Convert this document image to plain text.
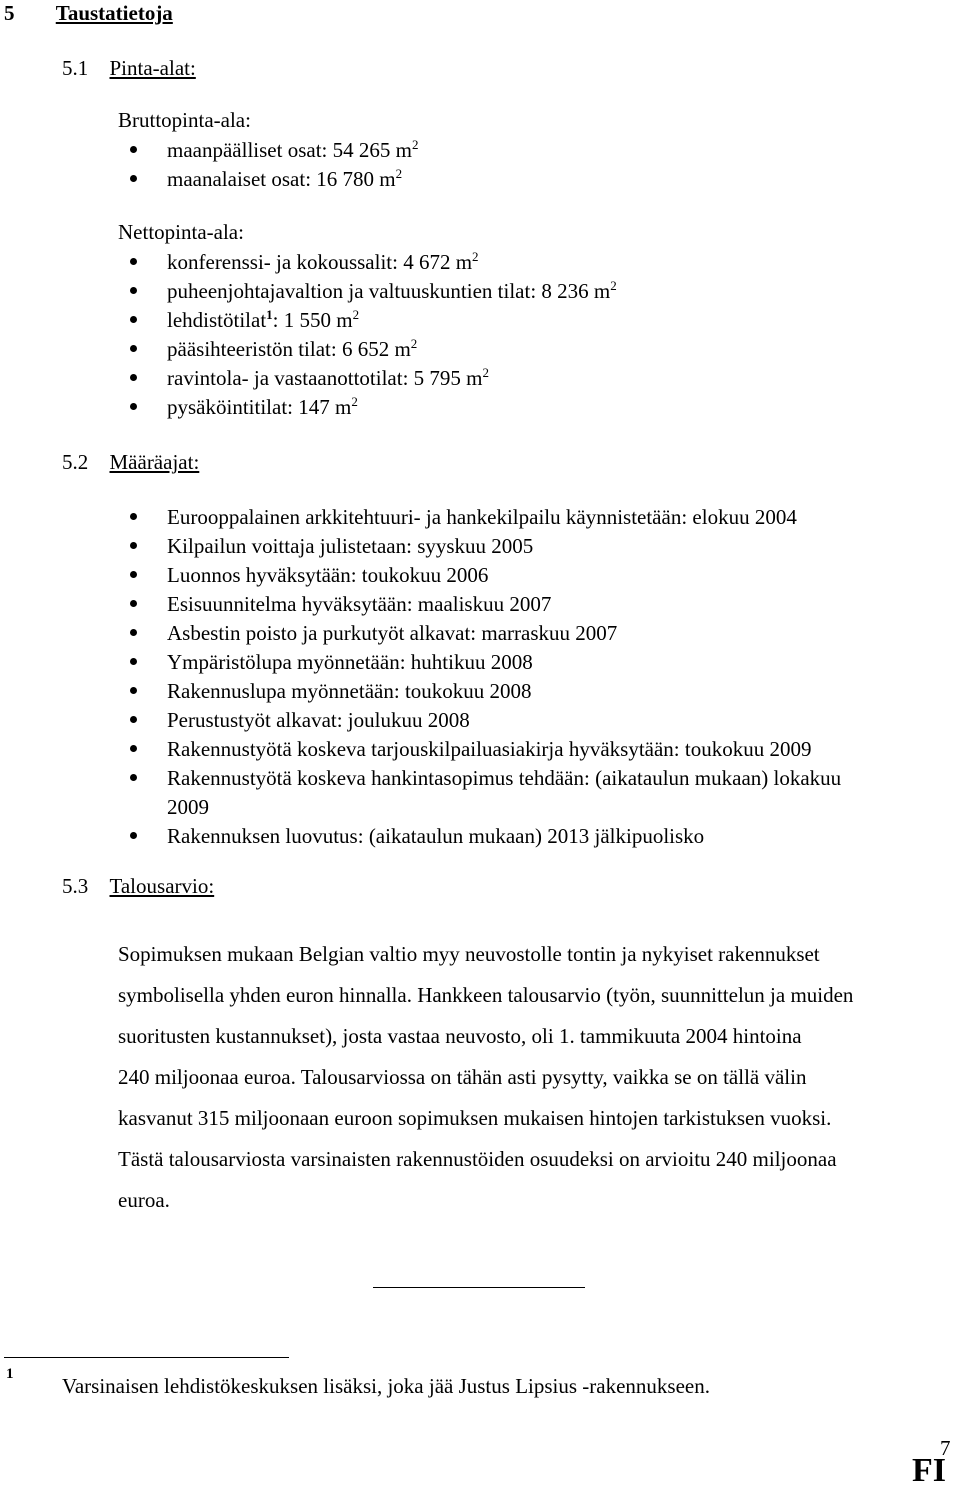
5 Taustatietoja
5.1 Pinta-alat:
Bruttopinta-ala:
maanpäälliset osat: 54 265 $m^2$
maanalaiset osat: 16 780 $m^2$
Nettopinta-ala:
konferenssi- ja kokoussalit: 4 672 $m^2$
puheenjohtajavaltion ja valtuuskuntien tilat: 8 236 $m^2$
lehdistötilat$^1$: 1 550 $m^2$
pääsihteeristön tilat: 6 652 $m^2$
ravintola- ja vastaanottotilat: 5 795 $m^2$
pysäköintitilat: 147 $m^2$
5.2 Määräajat:
Eurooppalainen arkkitehtuuri- ja hankekilpailu käynnistetään: elokuu 2004
Kilpailun voittaja julistetaan: syyskuu 2005
Luonnos hyväksytään: toukokuu 2006
Esisuunnitelma hyväksytään: maaliskuu 2007
Asbestin poisto ja purkutyöt alkavat: marraskuu 2007
Ympäristölupa myönnetään: huhtikuu 2008
Rakennuslupa myönnetään: toukokuu 2008
Perustustyöt alkavat: joulukuu 2008
Rakennustyötä koskeva tarjouskilpailuasiakirja hyväksytään: toukokuu 2009
Rakennustyötä koskeva hankintasopimus tehdään: (aikataulun mukaan) lokakuu
2009
Rakennuksen luovutus: (aikataulun mukaan) 2013 jälkipuolisko
5.3 Talousarvio:
Sopimuksen mukaan Belgian valtio myy neuvostolle tontin ja nykyiset rakennukset
symbolisella yhden euron hinnalla. Hankkeen talousarvio (työn, suunnittelun ja muiden
suoritusten kustannukset), josta vastaa neuvosto, oli 1. tammikuuta 2004 hintoina
240 miljoonaa euroa. Talousarviossa on tähän asti pysytty, vaikka se on tällä välin
kasvanut 315 miljoonaan euroon sopimuksen mukaisen hintojen tarkistuksen vuoksi.
Tästä talousarviosta varsinaisten rakennustöiden osuudeksi on arvioitu 240 miljoonaa
euroa.
1 Varsinaisen lehdistökeskuksen lisäksi, joka jää Justus Lipsius -rakennukseen.
7
FI
